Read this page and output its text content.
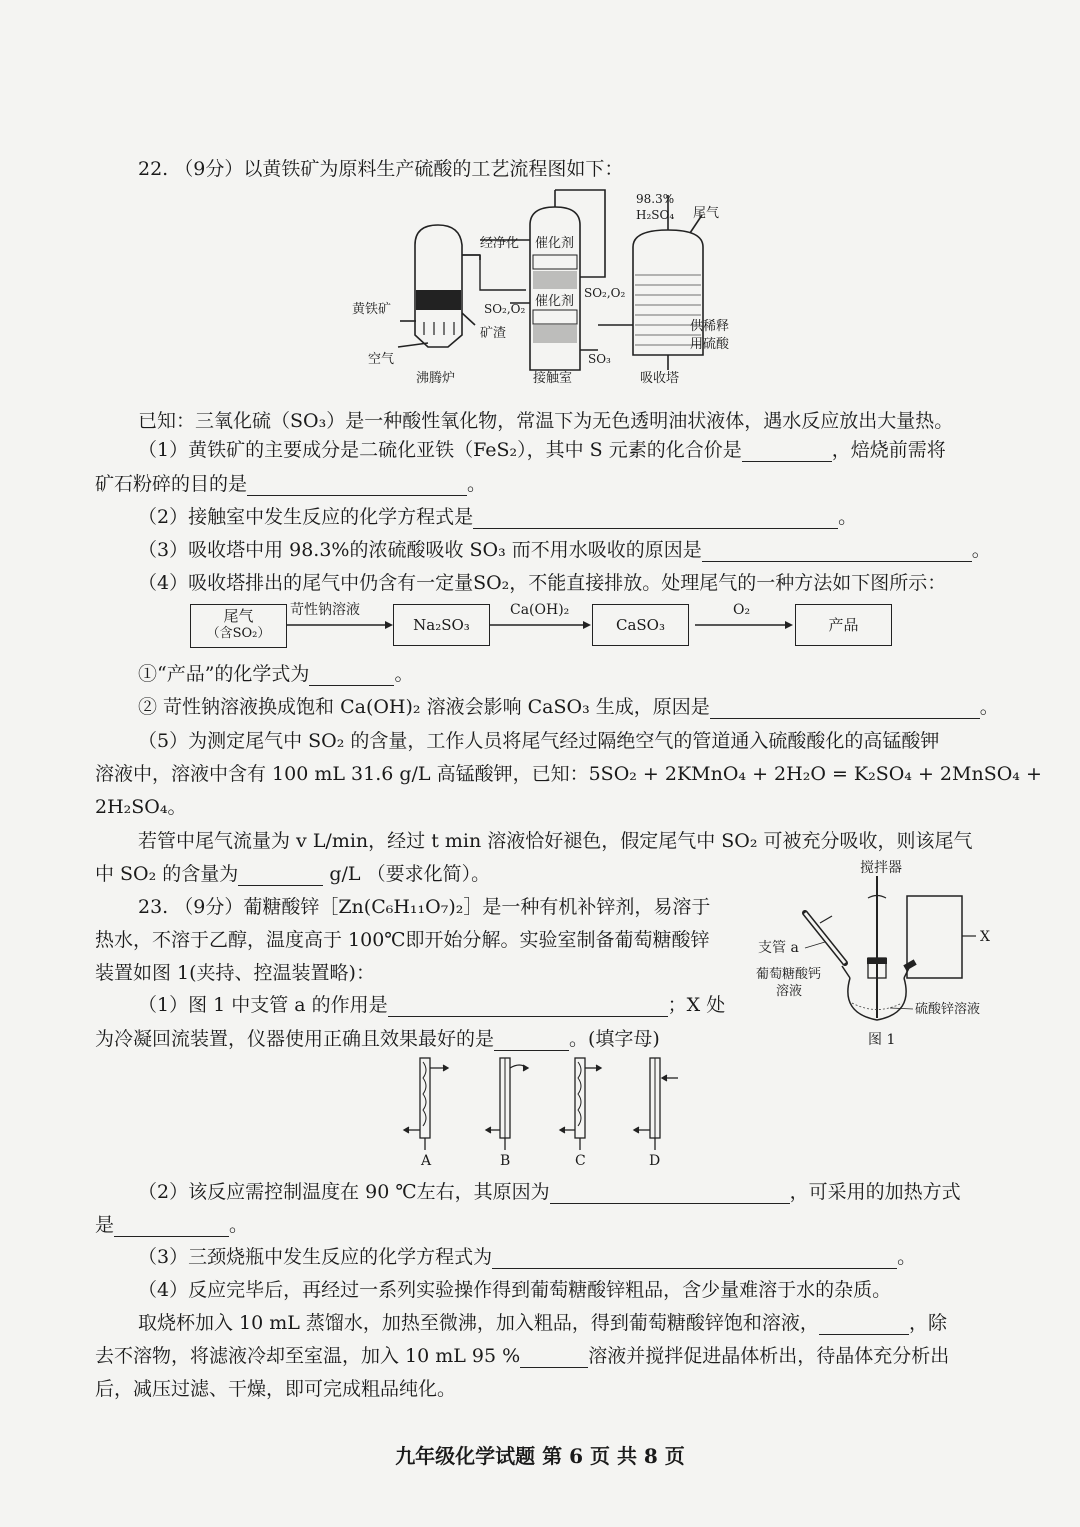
22. （9分）以黄铁矿为原料生产硫酸的工艺流程图如下：
黄铁矿
空气
沸腾炉
矿渣
经净化
SO₂,O₂
催化剂
催化剂
SO₂,O₂
SO₃
接触室
98.3%
H₂SO₄ 尾气
吸收塔
供稀释
用硫酸
已知：三氧化硫（SO₃）是一种酸性氧化物，常温下为无色透明油状液体，遇水反应放出大量热。
（1）黄铁矿的主要成分是二硫化亚铁（FeS₂），其中 S 元素的化合价是	，焙烧前需将
矿石粉碎的目的是	。
（2）接触室中发生反应的化学方程式是	。
（3）吸收塔中用 98.3%的浓硫酸吸收 SO₃ 而不用水吸收的原因是	。
（4）吸收塔排出的尾气中仍含有一定量SO₂，不能直接排放。处理尾气的一种方法如下图所示：
尾气
（含SO₂）
苛性钠溶液
Na₂SO₃
Ca(OH)₂
CaSO₃
O₂
产品
①“产品”的化学式为	。
② 苛性钠溶液换成饱和 Ca(OH)₂ 溶液会影响 CaSO₃ 生成，原因是	。
（5）为测定尾气中 SO₂ 的含量，工作人员将尾气经过隔绝空气的管道通入硫酸酸化的高锰酸钾
溶液中，溶液中含有 100 mL 31.6 g/L 高锰酸钾，已知：5SO₂ + 2KMnO₄ + 2H₂O = K₂SO₄ + 2MnSO₄ +
2H₂SO₄。
若管中尾气流量为 v L/min，经过 t min 溶液恰好褪色，假定尾气中 SO₂ 可被充分吸收，则该尾气
中 SO₂ 的含量为	g/L （要求化简）。
23. （9分）葡糖酸锌［Zn(C₆H₁₁O₇)₂］是一种有机补锌剂，易溶于
热水，不溶于乙醇，温度高于 100℃即开始分解。实验室制备葡萄糖酸锌
装置如图 1(夹持、控温装置略)：
（1）图 1 中支管 a 的作用是	；X 处
为冷凝回流装置，仪器使用正确且效果最好的是	。(填字母)
搅拌器
X
支管 a
葡萄糖酸钙
溶液
硫酸锌溶液
图 1
A	B	C	D
（2）该反应需控制温度在 90 ℃左右，其原因为	，可采用的加热方式
是	。
（3）三颈烧瓶中发生反应的化学方程式为	。
（4）反应完毕后，再经过一系列实验操作得到葡萄糖酸锌粗品，含少量难溶于水的杂质。
取烧杯加入 10 mL 蒸馏水，加热至微沸，加入粗品，得到葡萄糖酸锌饱和溶液，	，除
去不溶物，将滤液冷却至室温，加入 10 mL 95 %	溶液并搅拌促进晶体析出，待晶体充分析出
后，减压过滤、干燥，即可完成粗品纯化。
九年级化学试题 第 6 页 共 8 页
